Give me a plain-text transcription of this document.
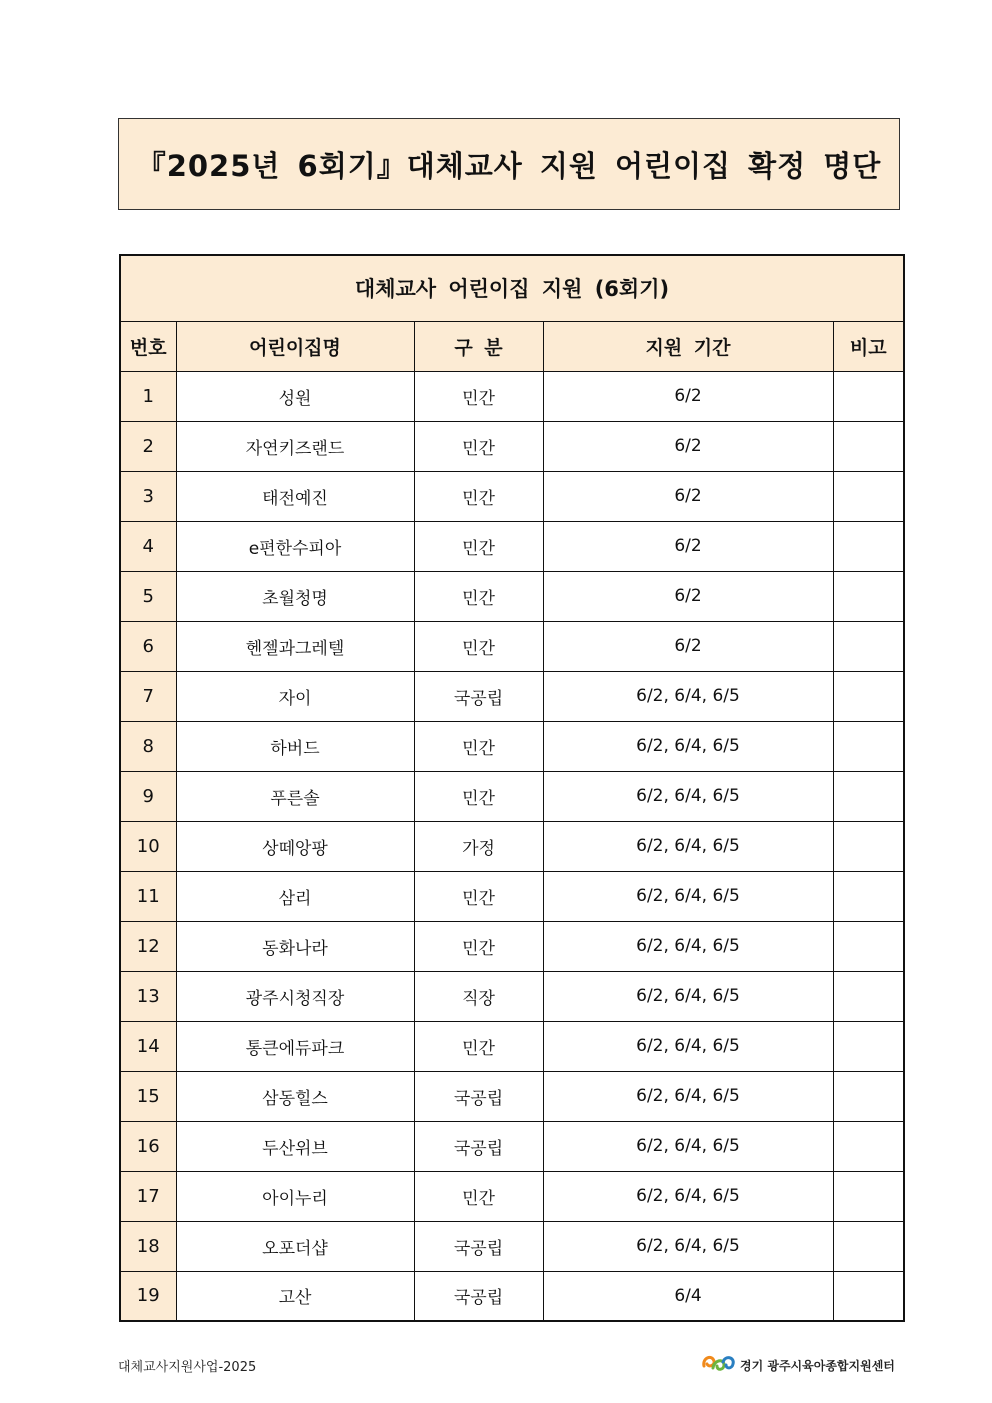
『2025년 6회기』대체교사 지원 어린이집 확정 명단
대체교사 어린이집 지원 (6회기)				
번호	어린이집명	구 분	지원 기간	비고
1	성원	민간	6/2	
2	자연키즈랜드	민간	6/2	
3	태전예진	민간	6/2	
4	e편한수피아	민간	6/2	
5	초월청명	민간	6/2	
6	헨젤과그레텔	민간	6/2	
7	자이	국공립	6/2, 6/4, 6/5	
8	하버드	민간	6/2, 6/4, 6/5	
9	푸른솔	민간	6/2, 6/4, 6/5	
10	상떼앙팡	가정	6/2, 6/4, 6/5	
11	삼리	민간	6/2, 6/4, 6/5	
12	동화나라	민간	6/2, 6/4, 6/5	
13	광주시청직장	직장	6/2, 6/4, 6/5	
14	통큰에듀파크	민간	6/2, 6/4, 6/5	
15	삼동힐스	국공립	6/2, 6/4, 6/5	
16	두산위브	국공립	6/2, 6/4, 6/5	
17	아이누리	민간	6/2, 6/4, 6/5	
18	오포더샵	국공립	6/2, 6/4, 6/5	
19	고산	국공립	6/4	
대체교사지원사업-2025	경기 광주시육아종합지원센터
